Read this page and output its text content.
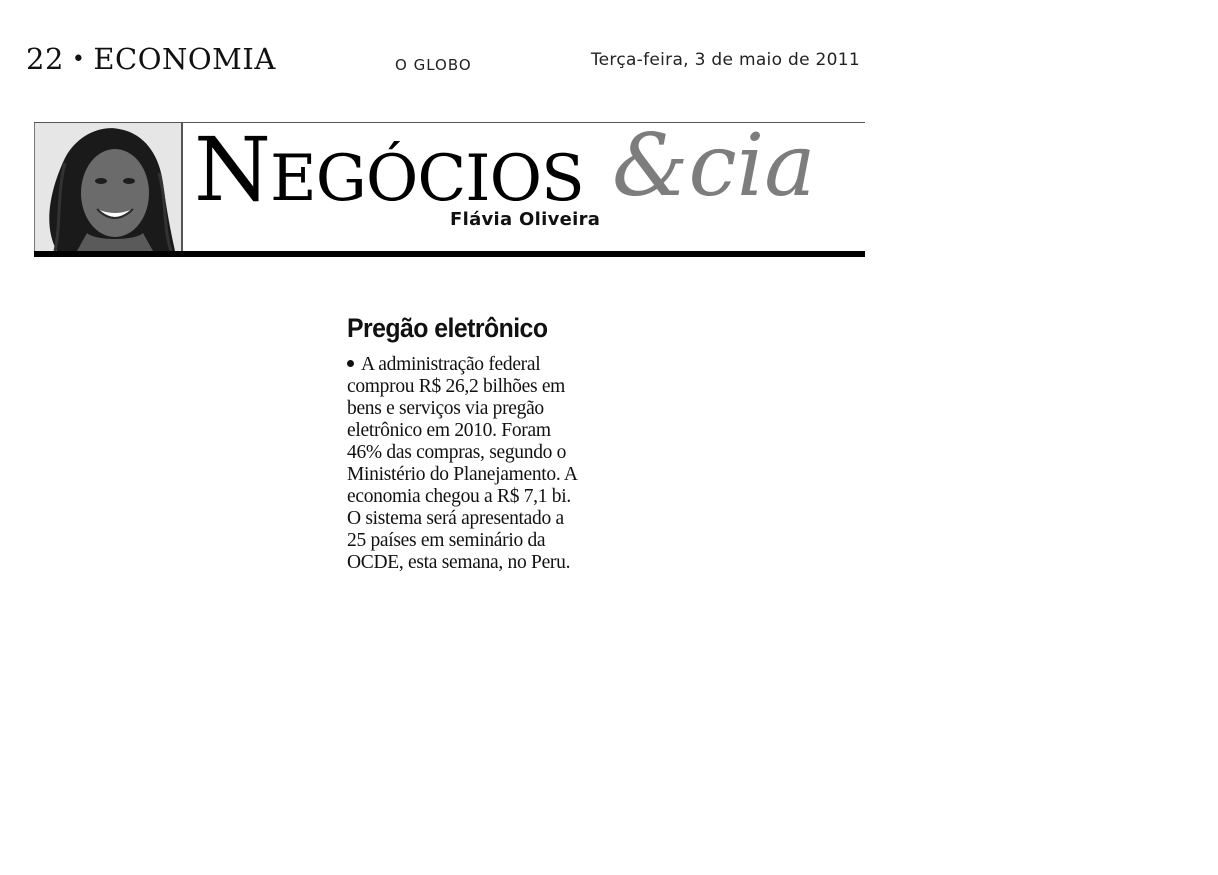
22 • ECONOMIA	O GLOBO	Terça-feira, 3 de maio de 2011
NEGÓCIOS &cia
Flávia Oliveira
Pregão eletrônico
A administração federal
comprou R$ 26,2 bilhões em
bens e serviços via pregão
eletrônico em 2010. Foram
46% das compras, segundo o
Ministério do Planejamento. A
economia chegou a R$ 7,1 bi.
O sistema será apresentado a
25 países em seminário da
OCDE, esta semana, no Peru.
